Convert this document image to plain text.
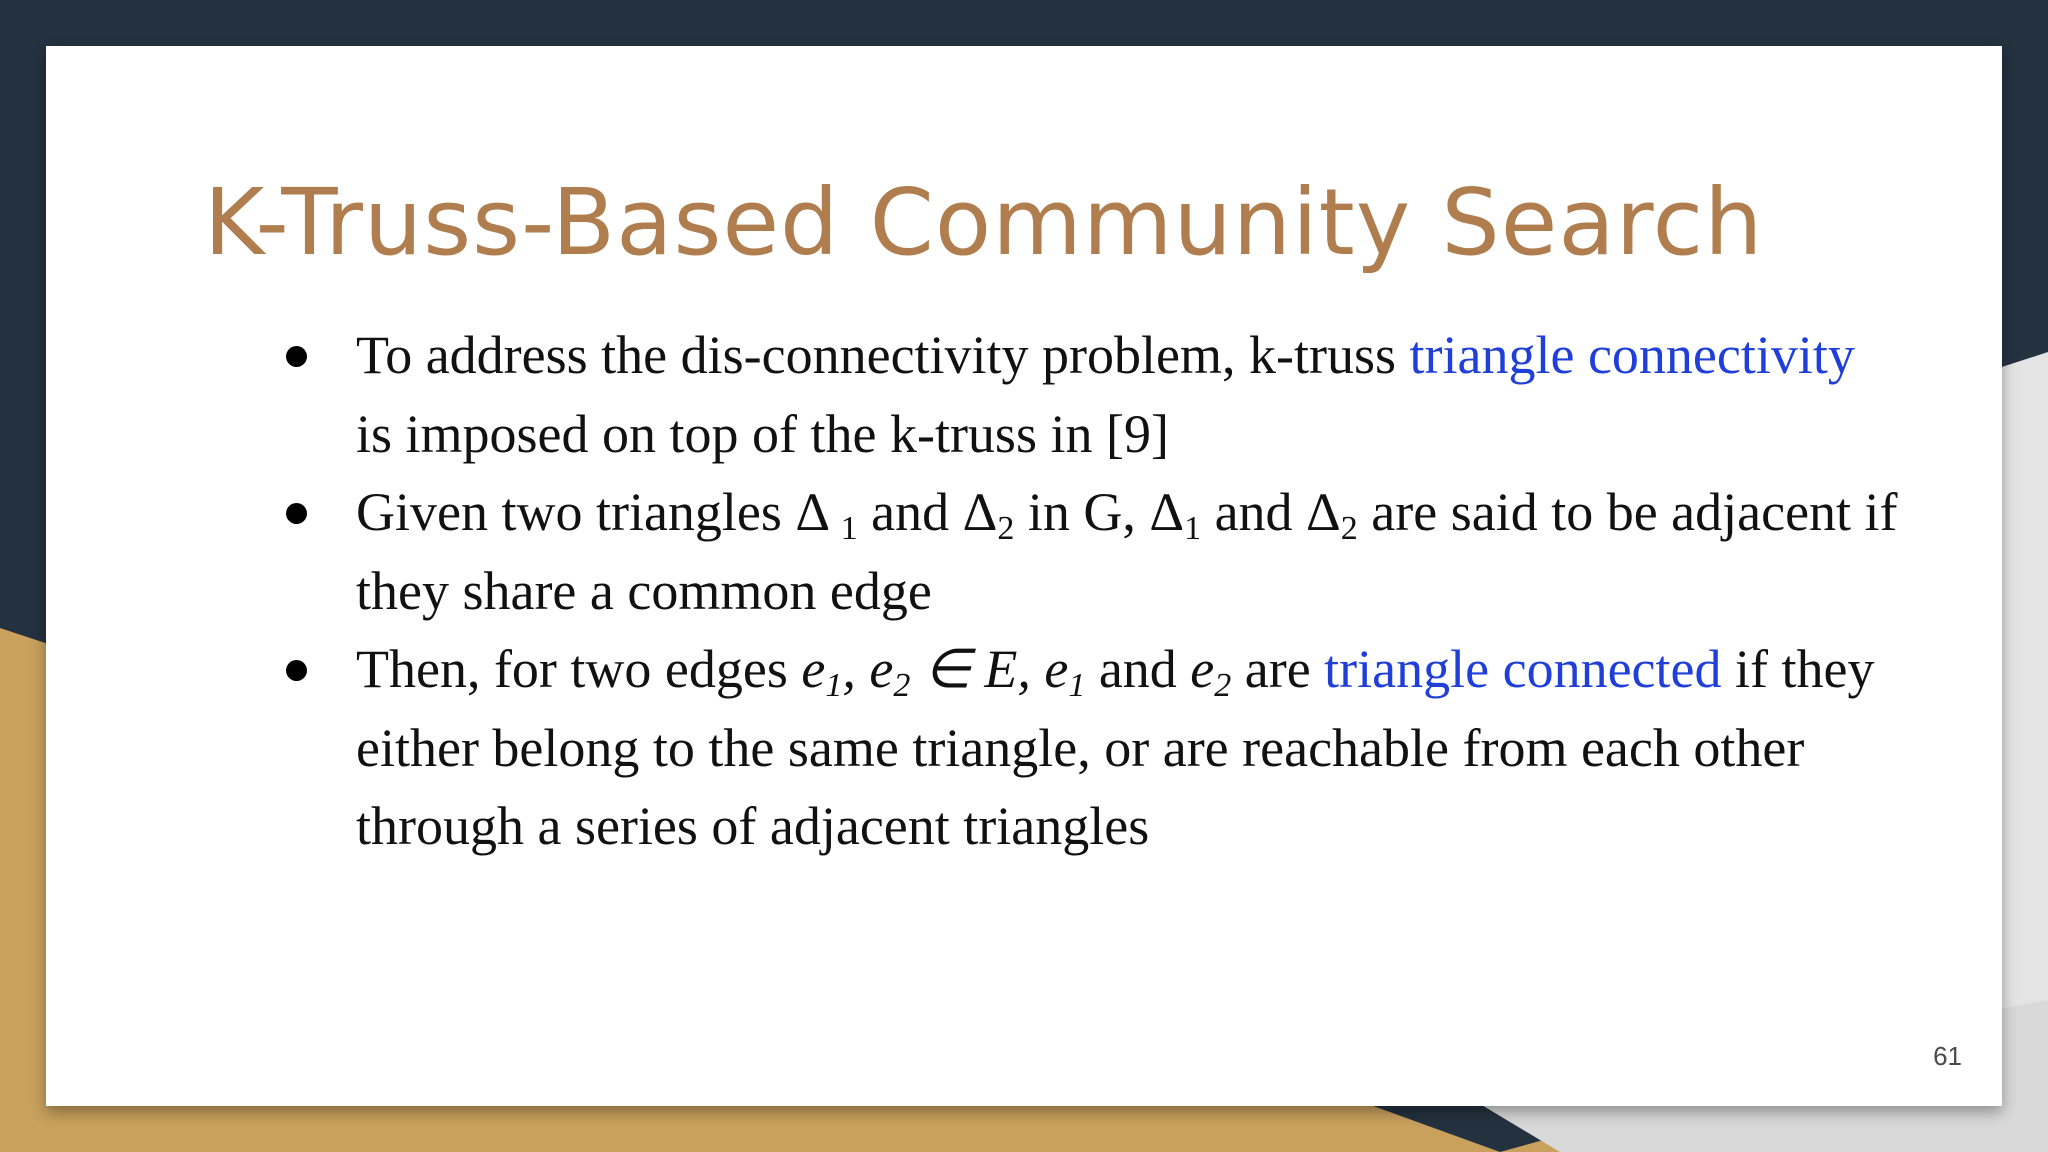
K-Truss-Based Community Search
To address the dis-connectivity problem, k-truss triangle connectivity is imposed on top of the k-truss in [9]
Given two triangles Δ $_1$ and $\Delta_2$ in G, $\Delta_1$ and $\Delta_2$ are said to be adjacent if they share a common edge
Then, for two edges $e_1$, $e_2$ ∈ E, $e_1$ and $e_2$ are triangle connected if they either belong to the same triangle, or are reachable from each other through a series of adjacent triangles
61
